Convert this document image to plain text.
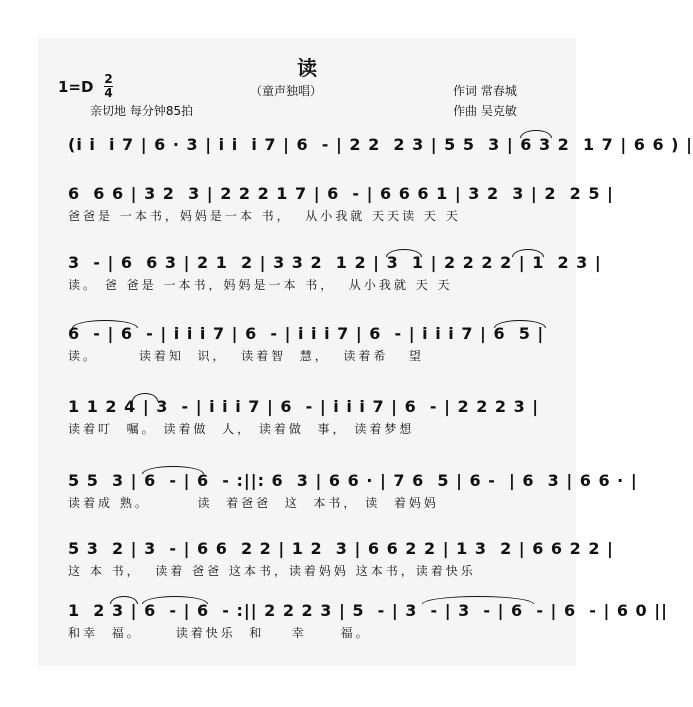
读
1=D 2
4	（童声独唱）
亲切地 每分钟85拍
作词 常春城
作曲 吴克敏
(i i  i 7 | 6 · 3 | i i  i 7 | 6  - | 2 2  2 3 | 5 5  3 | 6 3 2  1 7 | 6 6 ) |
6  6 6 | 3 2  3 | 2 2 2 1 7 | 6  - | 6 6 6 1 | 3 2  3 | 2  2 5 |
爸爸是 一本书，妈妈是一本 书，  从小我就 天天读 天 天
3  - | 6  6 3 | 2 1  2 | 3 3 2  1 2 | 3  1 | 2 2 2 2 | 1  2 3 |
读。 爸 爸是 一本书，妈妈是一本 书，  从小我就 天 天
6  - | 6  - | i i i 7 | 6  - | i i i 7 | 6  - | i i i 7 | 6  5 |
读。      读着知  识，  读着智  慧，  读着希   望
1 1 2 4 | 3  - | i i i 7 | 6  - | i i i 7 | 6  - | 2 2 2 3 |
读着叮  嘱。 读着做  人， 读着做  事， 读着梦想
5 5  3 | 6  - | 6  - :||: 6  3 | 6 6 · | 7 6  5 | 6 -  | 6  3 | 6 6 · |
读着成 熟。       读  着爸爸  这  本书， 读  着妈妈
5 3  2 | 3  - | 6 6  2 2 | 1 2  3 | 6 6 2 2 | 1 3  2 | 6 6 2 2 |
这 本 书，  读着 爸爸 这本书，读着妈妈 这本书，读着快乐
1  2 3 | 6  - | 6  - :|| 2 2 2 3 | 5  - | 3  - | 3  - | 6  - | 6  - | 6 0 ||
和幸  福。     读着快乐  和    幸     福。
